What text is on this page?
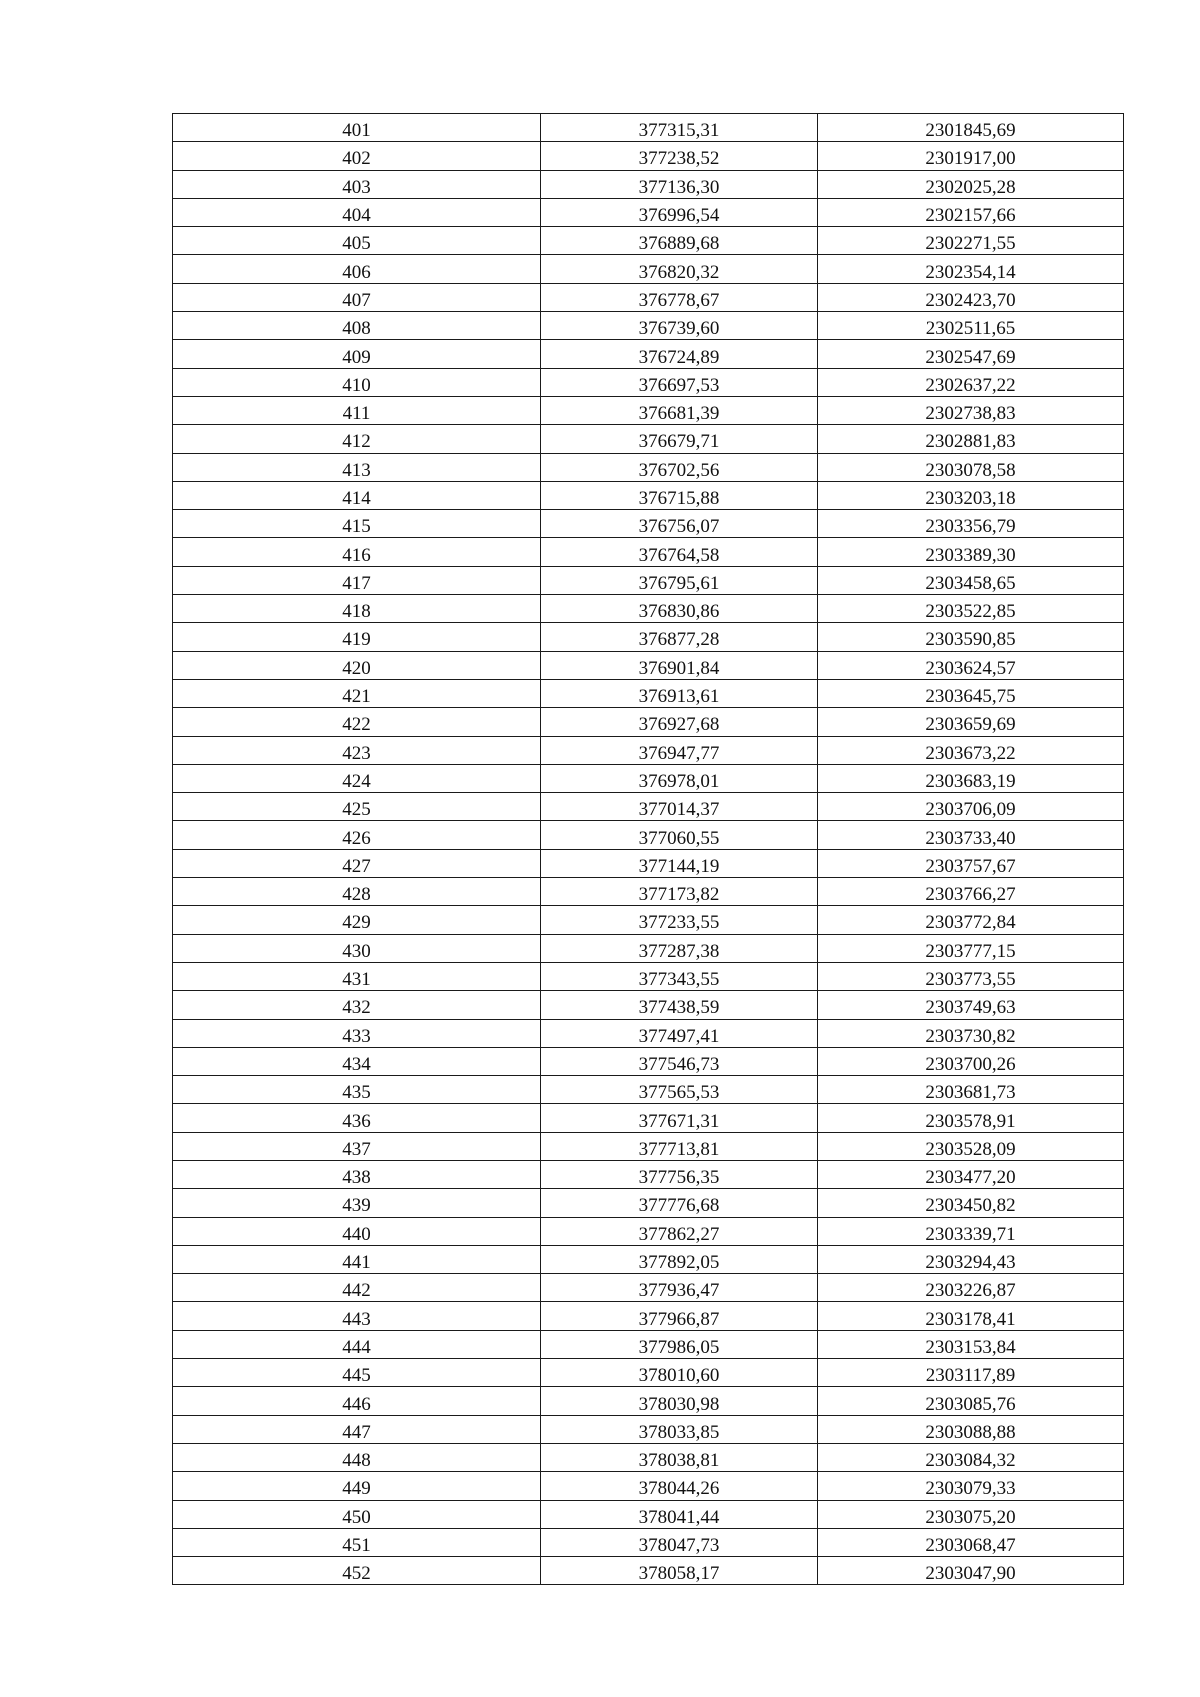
401	377315,31	2301845,69
402	377238,52	2301917,00
403	377136,30	2302025,28
404	376996,54	2302157,66
405	376889,68	2302271,55
406	376820,32	2302354,14
407	376778,67	2302423,70
408	376739,60	2302511,65
409	376724,89	2302547,69
410	376697,53	2302637,22
411	376681,39	2302738,83
412	376679,71	2302881,83
413	376702,56	2303078,58
414	376715,88	2303203,18
415	376756,07	2303356,79
416	376764,58	2303389,30
417	376795,61	2303458,65
418	376830,86	2303522,85
419	376877,28	2303590,85
420	376901,84	2303624,57
421	376913,61	2303645,75
422	376927,68	2303659,69
423	376947,77	2303673,22
424	376978,01	2303683,19
425	377014,37	2303706,09
426	377060,55	2303733,40
427	377144,19	2303757,67
428	377173,82	2303766,27
429	377233,55	2303772,84
430	377287,38	2303777,15
431	377343,55	2303773,55
432	377438,59	2303749,63
433	377497,41	2303730,82
434	377546,73	2303700,26
435	377565,53	2303681,73
436	377671,31	2303578,91
437	377713,81	2303528,09
438	377756,35	2303477,20
439	377776,68	2303450,82
440	377862,27	2303339,71
441	377892,05	2303294,43
442	377936,47	2303226,87
443	377966,87	2303178,41
444	377986,05	2303153,84
445	378010,60	2303117,89
446	378030,98	2303085,76
447	378033,85	2303088,88
448	378038,81	2303084,32
449	378044,26	2303079,33
450	378041,44	2303075,20
451	378047,73	2303068,47
452	378058,17	2303047,90
